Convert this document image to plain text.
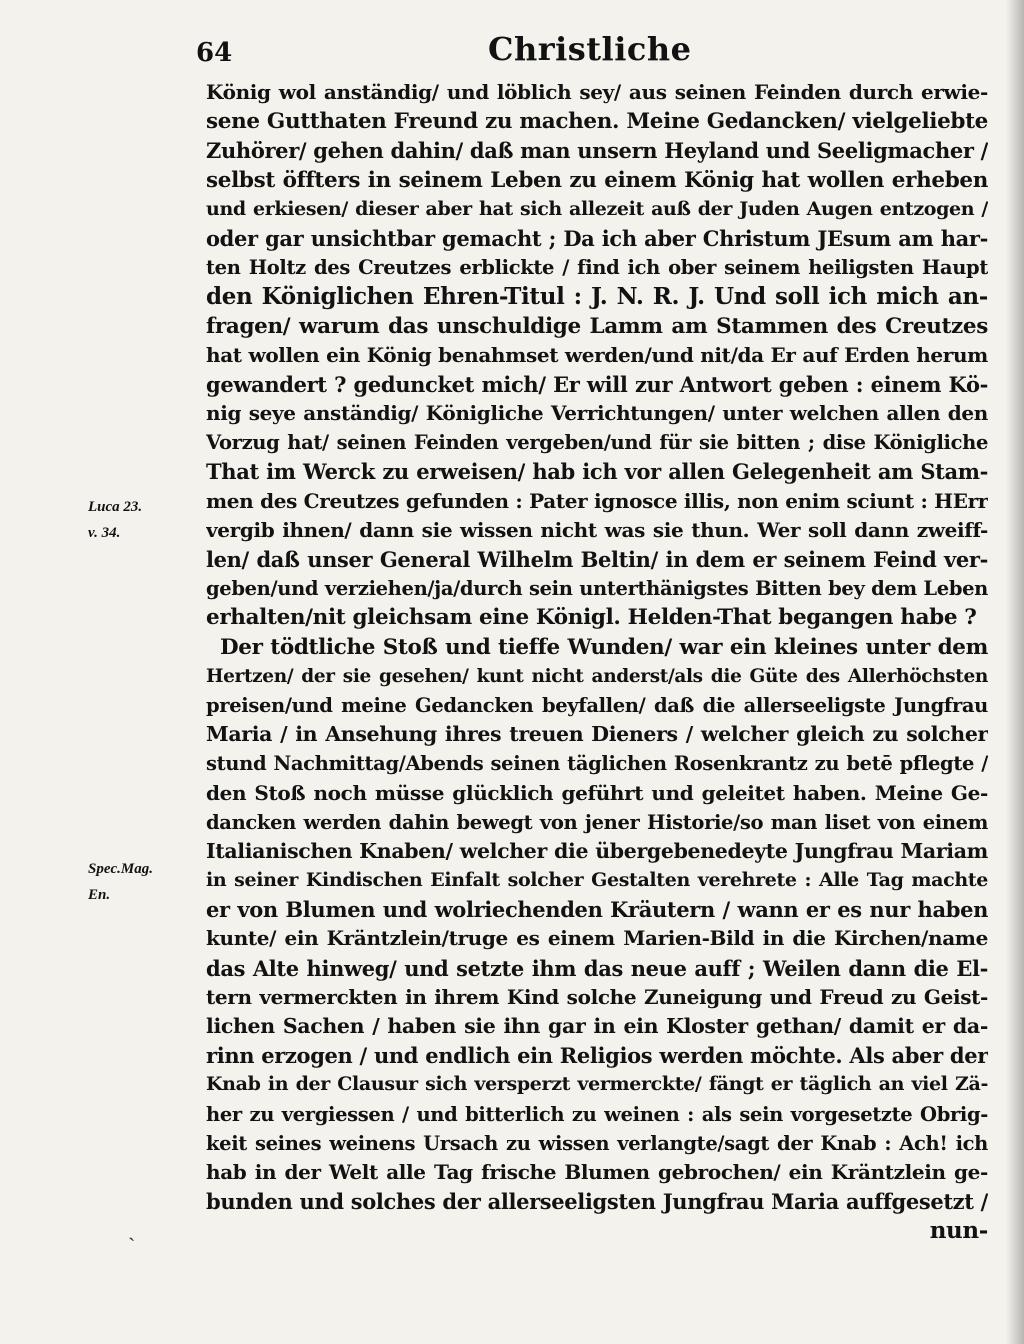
64	Christliche
Luca 23.
v. 34.
Spec.Mag.
En.
König wol anständig/ und löblich sey/ aus seinen Feinden durch erwie-
sene Gutthaten Freund zu machen. Meine Gedancken/ vielgeliebte
Zuhörer/ gehen dahin/ daß man unsern Heyland und Seeligmacher /
selbst öffters in seinem Leben zu einem König hat wollen erheben
und erkiesen/ dieser aber hat sich allezeit auß der Juden Augen entzogen /
oder gar unsichtbar gemacht ; Da ich aber Christum JEsum am har-
ten Holtz des Creutzes erblickte / find ich ober seinem heiligsten Haupt
den Königlichen Ehren-Titul : J. N. R. J. Und soll ich mich an-
fragen/ warum das unschuldige Lamm am Stammen des Creutzes
hat wollen ein König benahmset werden/und nit/da Er auf Erden herum
gewandert ? geduncket mich/ Er will zur Antwort geben : einem Kö-
nig seye anständig/ Königliche Verrichtungen/ unter welchen allen den
Vorzug hat/ seinen Feinden vergeben/und für sie bitten ; dise Königliche
That im Werck zu erweisen/ hab ich vor allen Gelegenheit am Stam-
men des Creutzes gefunden : Pater ignosce illis, non enim sciunt : HErr
vergib ihnen/ dann sie wissen nicht was sie thun. Wer soll dann zweiff-
len/ daß unser General Wilhelm Beltin/ in dem er seinem Feind ver-
geben/und verziehen/ja/durch sein unterthänigstes Bitten bey dem Leben
erhalten/nit gleichsam eine Königl. Helden-That begangen habe ?
Der tödtliche Stoß und tieffe Wunden/ war ein kleines unter dem
Hertzen/ der sie gesehen/ kunt nicht anderst/als die Güte des Allerhöchsten
preisen/und meine Gedancken beyfallen/ daß die allerseeligste Jungfrau
Maria / in Ansehung ihres treuen Dieners / welcher gleich zu solcher
stund Nachmittag/Abends seinen täglichen Rosenkrantz zu betē pflegte /
den Stoß noch müsse glücklich geführt und geleitet haben. Meine Ge-
dancken werden dahin bewegt von jener Historie/so man liset von einem
Italianischen Knaben/ welcher die übergebenedeyte Jungfrau Mariam
in seiner Kindischen Einfalt solcher Gestalten verehrete : Alle Tag machte
er von Blumen und wolriechenden Kräutern / wann er es nur haben
kunte/ ein Kräntzlein/truge es einem Marien-Bild in die Kirchen/name
das Alte hinweg/ und setzte ihm das neue auff ; Weilen dann die El-
tern vermerckten in ihrem Kind solche Zuneigung und Freud zu Geist-
lichen Sachen / haben sie ihn gar in ein Kloster gethan/ damit er da-
rinn erzogen / und endlich ein Religios werden möchte. Als aber der
Knab in der Clausur sich versperzt vermerckte/ fängt er täglich an viel Zä-
her zu vergiessen / und bitterlich zu weinen : als sein vorgesetzte Obrig-
keit seines weinens Ursach zu wissen verlangte/sagt der Knab : Ach! ich
hab in der Welt alle Tag frische Blumen gebrochen/ ein Kräntzlein ge-
bunden und solches der allerseeligsten Jungfrau Maria auffgesetzt /
nun-
ˏ
